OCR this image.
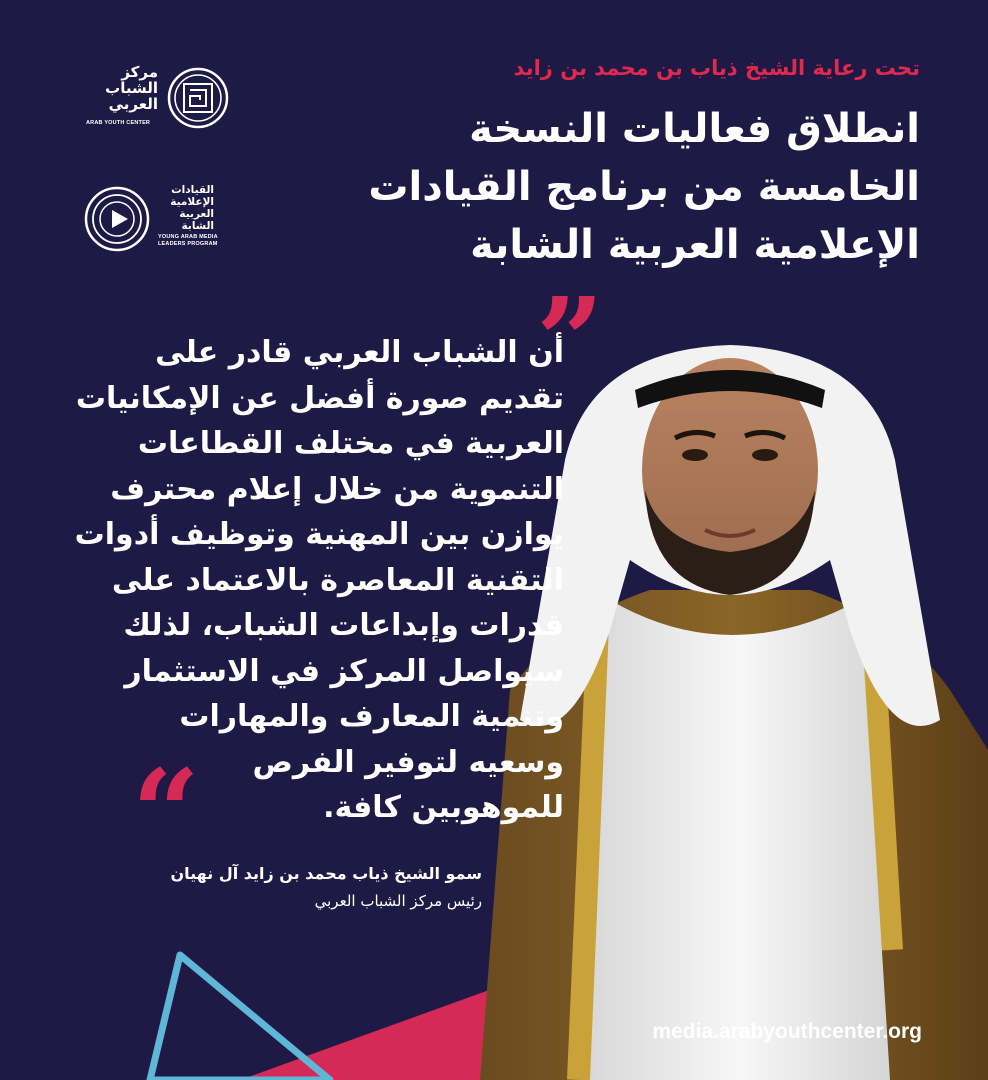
مركز
الشباب
العربي
ARAB YOUTH CENTER
القيادات
الإعلامية
العربية
الشابة
YOUNG ARAB MEDIA
LEADERS PROGRAM
تحت رعاية الشيخ ذياب بن محمد بن زايد
انطلاق فعاليات النسخة
الخامسة من برنامج القيادات
الإعلامية العربية الشابة
”
أن الشباب العربي قادر على
تقديم صورة أفضل عن الإمكانيات
العربية في مختلف القطاعات
التنموية من خلال إعلام محترف
يوازن بين المهنية وتوظيف أدوات
التقنية المعاصرة بالاعتماد على
قدرات وإبداعات الشباب، لذلك
سيواصل المركز في الاستثمار
وتنمية المعارف والمهارات
وسعيه لتوفير الفرص
للموهوبين كافة.
“
سمو الشيخ ذياب محمد بن زايد آل نهيان
رئيس مركز الشباب العربي
media.arabyouthcenter.org
